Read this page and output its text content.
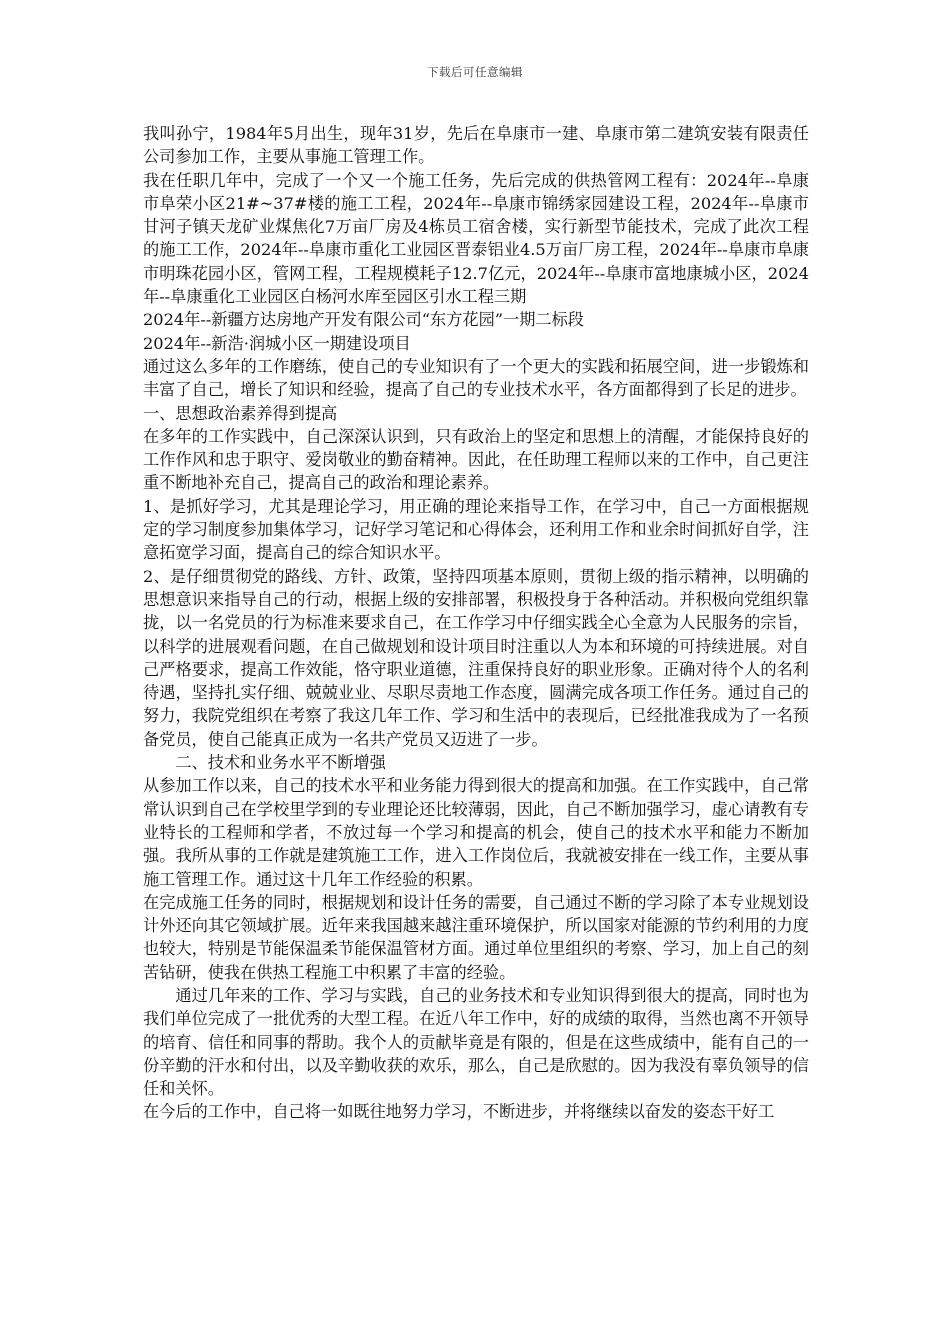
下载后可任意编辑

我叫孙宁，1984年5月出生，现年31岁，先后在阜康市一建、阜康市第二建筑安装有限责任公司参加工作，主要从事施工管理工作。

我在任职几年中，完成了一个又一个施工任务，先后完成的供热管网工程有：2024年--阜康市阜荣小区21#~37#楼的施工工程，2024年--阜康市锦绣家园建设工程，2024年--阜康市甘河子镇天龙矿业煤焦化7万亩厂房及4栋员工宿舍楼，实行新型节能技术，完成了此次工程的施工工作，2024年--阜康市重化工业园区晋泰铝业4.5万亩厂房工程，2024年--阜康市阜康市明珠花园小区，管网工程，工程规模耗子12.7亿元，2024年--阜康市富地康城小区，2024年--阜康重化工业园区白杨河水库至园区引水工程三期

2024年--新疆方达房地产开发有限公司“东方花园”一期二标段

2024年--新浩·润城小区一期建设项目

通过这么多年的工作磨练，使自己的专业知识有了一个更大的实践和拓展空间，进一步锻炼和丰富了自己，增长了知识和经验，提高了自己的专业技术水平，各方面都得到了长足的进步。

一、思想政治素养得到提高

在多年的工作实践中，自己深深认识到，只有政治上的坚定和思想上的清醒，才能保持良好的工作作风和忠于职守、爱岗敬业的勤奋精神。因此，在任助理工程师以来的工作中，自己更注重不断地补充自己，提高自己的政治和理论素养。

1、是抓好学习，尤其是理论学习，用正确的理论来指导工作，在学习中，自己一方面根据规定的学习制度参加集体学习，记好学习笔记和心得体会，还利用工作和业余时间抓好自学，注意拓宽学习面，提高自己的综合知识水平。

2、是仔细贯彻党的路线、方针、政策，坚持四项基本原则，贯彻上级的指示精神，以明确的思想意识来指导自己的行动，根据上级的安排部署，积极投身于各种活动。并积极向党组织靠拢，以一名党员的行为标准来要求自己，在工作学习中仔细实践全心全意为人民服务的宗旨，以科学的进展观看问题，在自己做规划和设计项目时注重以人为本和环境的可持续进展。对自己严格要求，提高工作效能，恪守职业道德，注重保持良好的职业形象。正确对待个人的名利待遇，坚持扎实仔细、兢兢业业、尽职尽责地工作态度，圆满完成各项工作任务。通过自己的努力，我院党组织在考察了我这几年工作、学习和生活中的表现后，已经批准我成为了一名预备党员，使自己能真正成为一名共产党员又迈进了一步。

二、技术和业务水平不断增强

从参加工作以来，自己的技术水平和业务能力得到很大的提高和加强。在工作实践中，自己常常认识到自己在学校里学到的专业理论还比较薄弱，因此，自己不断加强学习，虚心请教有专业特长的工程师和学者，不放过每一个学习和提高的机会，使自己的技术水平和能力不断加强。我所从事的工作就是建筑施工工作，进入工作岗位后，我就被安排在一线工作，主要从事施工管理工作。通过这十几年工作经验的积累。

在完成施工任务的同时，根据规划和设计任务的需要，自己通过不断的学习除了本专业规划设计外还向其它领域扩展。近年来我国越来越注重环境保护，所以国家对能源的节约利用的力度也较大，特别是节能保温柔节能保温管材方面。通过单位里组织的考察、学习，加上自己的刻苦钻研，使我在供热工程施工中积累了丰富的经验。

通过几年来的工作、学习与实践，自己的业务技术和专业知识得到很大的提高，同时也为我们单位完成了一批优秀的大型工程。在近八年工作中，好的成绩的取得，当然也离不开领导的培育、信任和同事的帮助。我个人的贡献毕竟是有限的，但是在这些成绩中，能有自己的一份辛勤的汗水和付出，以及辛勤收获的欢乐，那么，自己是欣慰的。因为我没有辜负领导的信任和关怀。

在今后的工作中，自己将一如既往地努力学习，不断进步，并将继续以奋发的姿态干好工
